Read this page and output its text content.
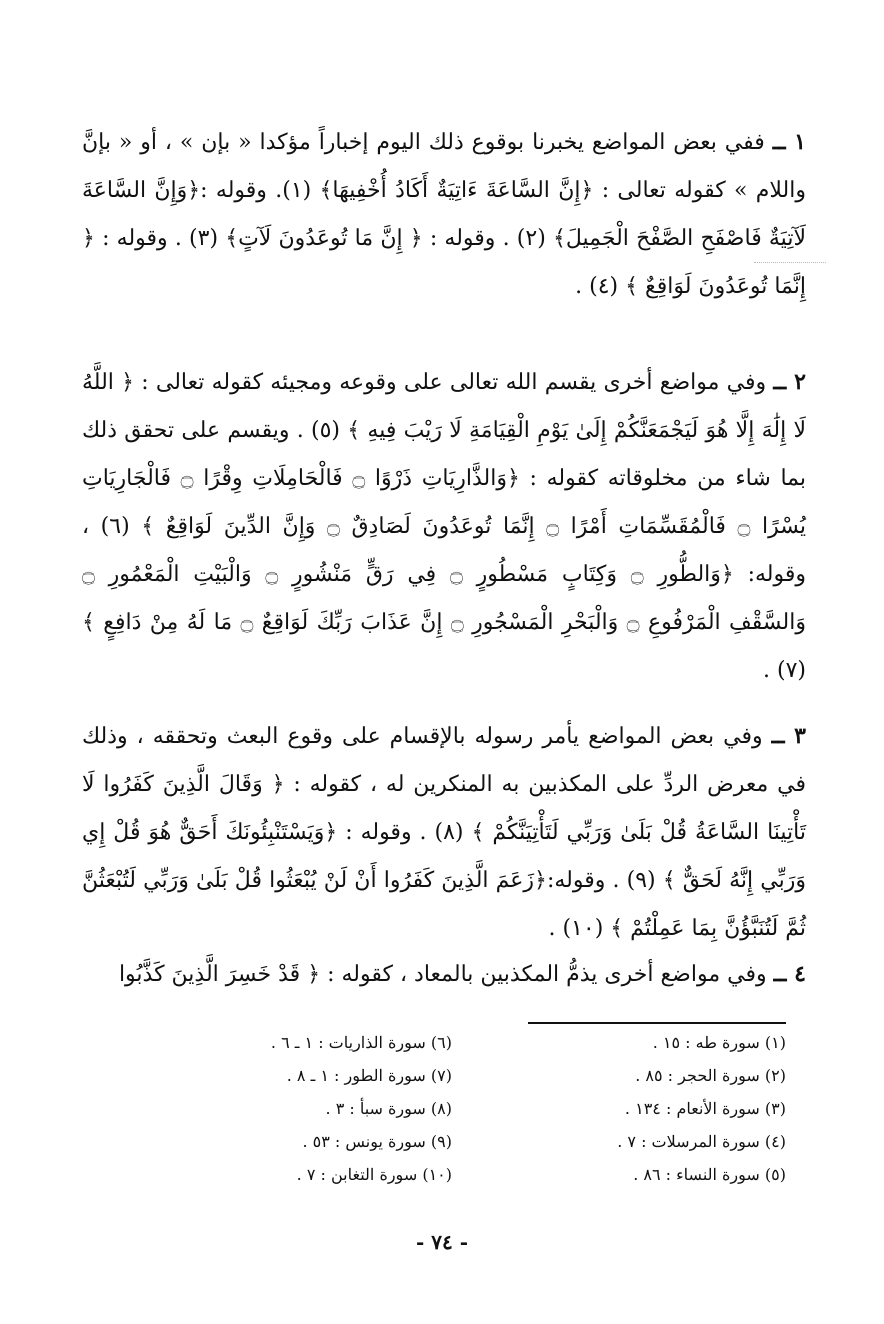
١ ــ ففي بعض المواضع يخبرنا بوقوع ذلك اليوم إخباراً مؤكدا « بإن » ، أو « بإنَّ واللام » كقوله تعالى : ﴿إِنَّ السَّاعَةَ ءَاتِيَةٌ أَكَادُ أُخْفِيهَا﴾ (١). وقوله :﴿وَإِنَّ السَّاعَةَ لَآتِيَةٌ فَاصْفَحِ الصَّفْحَ الْجَمِيلَ﴾ (٢) . وقوله : ﴿ إِنَّ مَا تُوعَدُونَ لَآتٍ﴾ (٣) . وقوله : ﴿ إِنَّمَا تُوعَدُونَ لَوَاقِعٌ ﴾ (٤) .
٢ ــ وفي مواضع أخرى يقسم الله تعالى على وقوعه ومجيئه كقوله تعالى : ﴿ اللَّهُ لَا إِلَٰهَ إِلَّا هُوَ لَيَجْمَعَنَّكُمْ إِلَىٰ يَوْمِ الْقِيَامَةِ لَا رَيْبَ فِيهِ ﴾ (٥) . ويقسم على تحقق ذلك بما شاء من مخلوقاته كقوله : ﴿وَالذَّارِيَاتِ ذَرْوًا ۝ فَالْحَامِلَاتِ وِقْرًا ۝ فَالْجَارِيَاتِ يُسْرًا ۝ فَالْمُقَسِّمَاتِ أَمْرًا ۝ إِنَّمَا تُوعَدُونَ لَصَادِقٌ ۝ وَإِنَّ الدِّينَ لَوَاقِعٌ ﴾ (٦) ، وقوله: ﴿وَالطُّورِ ۝ وَكِتَابٍ مَسْطُورٍ ۝ فِي رَقٍّ مَنْشُورٍ ۝ وَالْبَيْتِ الْمَعْمُورِ ۝ وَالسَّقْفِ الْمَرْفُوعِ ۝ وَالْبَحْرِ الْمَسْجُورِ ۝ إِنَّ عَذَابَ رَبِّكَ لَوَاقِعٌ ۝ مَا لَهُ مِنْ دَافِعٍ ﴾ (٧) .
٣ ــ وفي بعض المواضع يأمر رسوله بالإقسام على وقوع البعث وتحققه ، وذلك في معرض الردِّ على المكذبين به المنكرين له ، كقوله : ﴿ وَقَالَ الَّذِينَ كَفَرُوا لَا تَأْتِينَا السَّاعَةُ قُلْ بَلَىٰ وَرَبِّي لَتَأْتِيَنَّكُمْ ﴾ (٨) . وقوله : ﴿وَيَسْتَنْبِئُونَكَ أَحَقٌّ هُوَ قُلْ إِي وَرَبِّي إِنَّهُ لَحَقٌّ ﴾ (٩) . وقوله:﴿زَعَمَ الَّذِينَ كَفَرُوا أَنْ لَنْ يُبْعَثُوا قُلْ بَلَىٰ وَرَبِّي لَتُبْعَثُنَّ ثُمَّ لَتُنَبَّؤُنَّ بِمَا عَمِلْتُمْ ﴾ (١٠) .
٤ ــ وفي مواضع أخرى يذمُّ المكذبين بالمعاد ، كقوله : ﴿ قَدْ خَسِرَ الَّذِينَ كَذَّبُوا
(١) سورة طه : ١٥ .
(٢) سورة الحجر : ٨٥ .
(٣) سورة الأنعام : ١٣٤ .
(٤) سورة المرسلات : ٧ .
(٥) سورة النساء : ٨٦ .
(٦) سورة الذاريات : ١ ـ ٦ .
(٧) سورة الطور : ١ ـ ٨ .
(٨) سورة سبأ : ٣ .
(٩) سورة يونس : ٥٣ .
(١٠) سورة التغابن : ٧ .
- ٧٤ -
